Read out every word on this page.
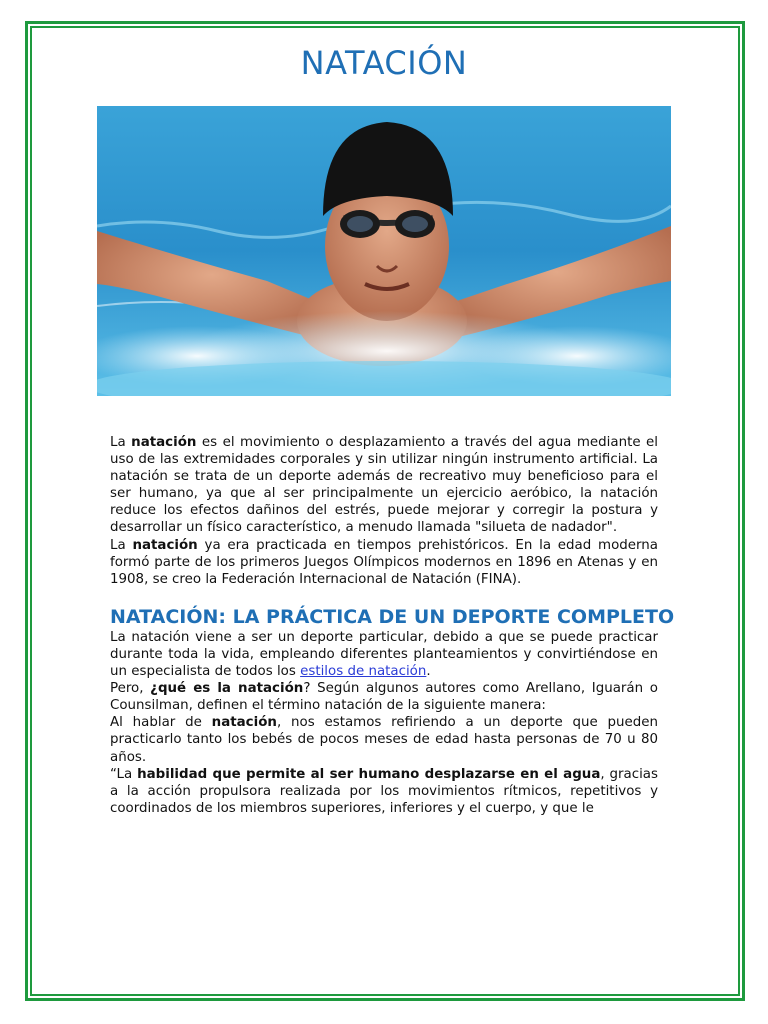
NATACIÓN

La natación es el movimiento o desplazamiento a través del agua mediante el uso de las extremidades corporales y sin utilizar ningún instrumento artificial. La natación se trata de un deporte además de recreativo muy beneficioso para el ser humano, ya que al ser principalmente un ejercicio aeróbico, la natación reduce los efectos dañinos del estrés, puede mejorar y corregir la postura y desarrollar un físico característico, a menudo llamada "silueta de nadador".

La natación ya era practicada en tiempos prehistóricos. En la edad moderna formó parte de los primeros Juegos Olímpicos modernos en 1896 en Atenas y en 1908, se creo la Federación Internacional de Natación (FINA).

NATACIÓN: LA PRÁCTICA DE UN DEPORTE COMPLETO

La natación viene a ser un deporte particular, debido a que se puede practicar durante toda la vida, empleando diferentes planteamientos y convirtiéndose en un especialista de todos los estilos de natación.

Pero, ¿qué es la natación? Según algunos autores como Arellano, Iguarán o Counsilman, definen el término natación de la siguiente manera:

Al hablar de natación, nos estamos refiriendo a un deporte que pueden practicarlo tanto los bebés de pocos meses de edad hasta personas de 70 u 80 años.

“La habilidad que permite al ser humano desplazarse en el agua, gracias a la acción propulsora realizada por los movimientos rítmicos, repetitivos y coordinados de los miembros superiores, inferiores y el cuerpo, y que le
